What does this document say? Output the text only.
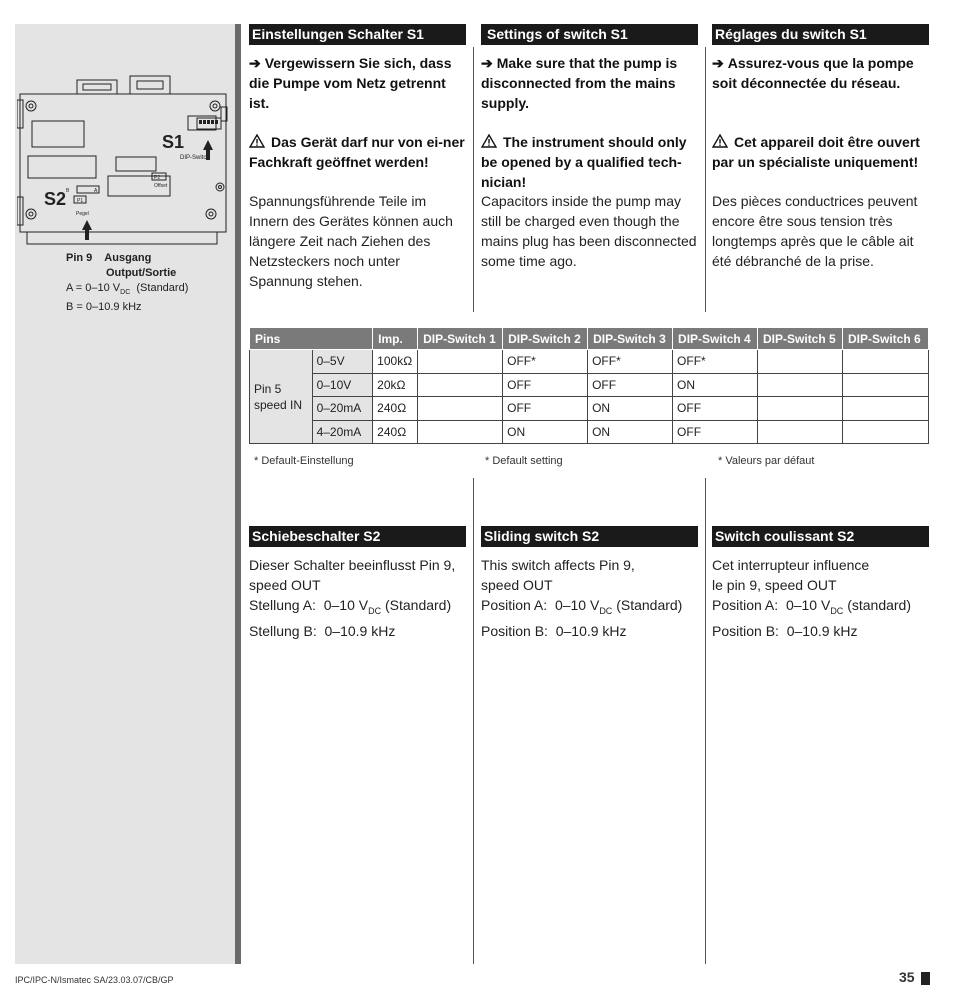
S1
S2
DIP-Switch
Offset
Pegel
P2
P1
B	A
Pin 9 Ausgang
Output/Sortie
A = 0–10 $V_{DC}$ (Standard)
B = 0–10.9 kHz
Einstellungen Schalter S1
➔ Vergewissern Sie sich, dass die Pumpe vom Netz getrennt ist.
Das Gerät darf nur von ei-ner Fachkraft geöffnet werden!
Spannungsführende Teile im Innern des Gerätes können auch längere Zeit nach Ziehen des Netzsteckers noch unter Spannung stehen.
Settings of switch S1
➔ Make sure that the pump is disconnected from the mains supply.
The instrument should only be opened by a qualified tech-nician!
Capacitors inside the pump may still be charged even though the mains plug has been disconnected some time ago.
Réglages du switch S1
➔ Assurez-vous que la pompe soit déconnectée du réseau.
Cet appareil doit être ouvert par un spécialiste uniquement!
Des pièces conductrices peuvent encore être sous tension très longtemps après que le câble ait été débranché de la prise.
Pins		Imp.	DIP-Switch 1	DIP-Switch 2	DIP-Switch 3	DIP-Switch 4	DIP-Switch 5	DIP-Switch 6

Pin 5
speed IN	0–5V	100kΩ		OFF*	OFF*	OFF*		
	0–10V	20kΩ		OFF	OFF	ON		
	0–20mA	240Ω		OFF	ON	OFF		
	4–20mA	240Ω		ON	ON	OFF		
* Default-Einstellung	* Default setting	* Valeurs par défaut
Schiebeschalter S2
Dieser Schalter beeinflusst Pin 9,
speed OUT
Stellung A: 0–10 $V_{DC}$ (Standard)
Stellung B: 0–10.9 kHz
Sliding switch S2
This switch affects Pin 9,
speed OUT
Position A: 0–10 $V_{DC}$ (Standard)
Position B: 0–10.9 kHz
Switch coulissant S2
Cet interrupteur influence
le pin 9, speed OUT
Position A: 0–10 $V_{DC}$ (standard)
Position B: 0–10.9 kHz
IPC/IPC-N/Ismatec SA/23.03.07/CB/GP	35
